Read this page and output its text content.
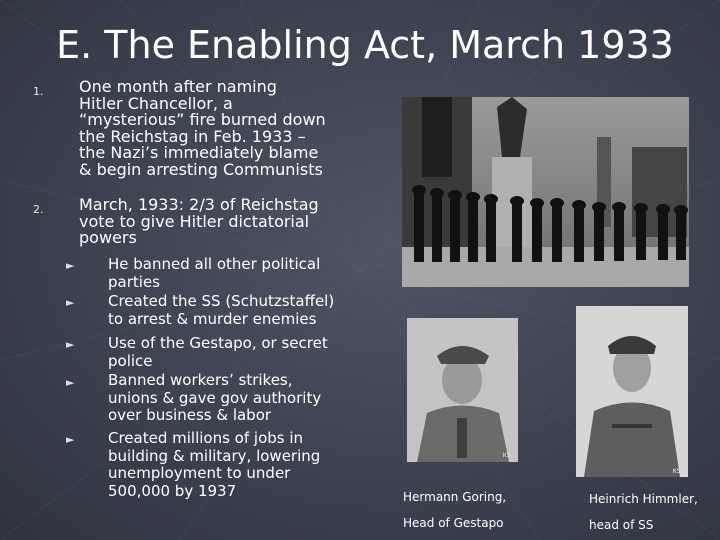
E. The Enabling Act, March 1933
1. One month after naming
Hitler Chancellor, a
“mysterious” fire burned down
the Reichstag in Feb. 1933 –
the Nazi’s immediately blame
& begin arresting Communists
2. March, 1933: 2/3 of Reichstag
vote to give Hitler dictatorial
powers
► He banned all other political
parties
► Created the SS (Schutzstaffel)
to arrest & murder enemies
► Use of the Gestapo, or secret
police
► Banned workers’ strikes,
unions & gave gov authority
over business & labor
► Created millions of jobs in
building & military, lowering
unemployment to under
500,000 by 1937
KS
KS
Hermann Goring,
Head of Gestapo
Heinrich Himmler,
head of SS
